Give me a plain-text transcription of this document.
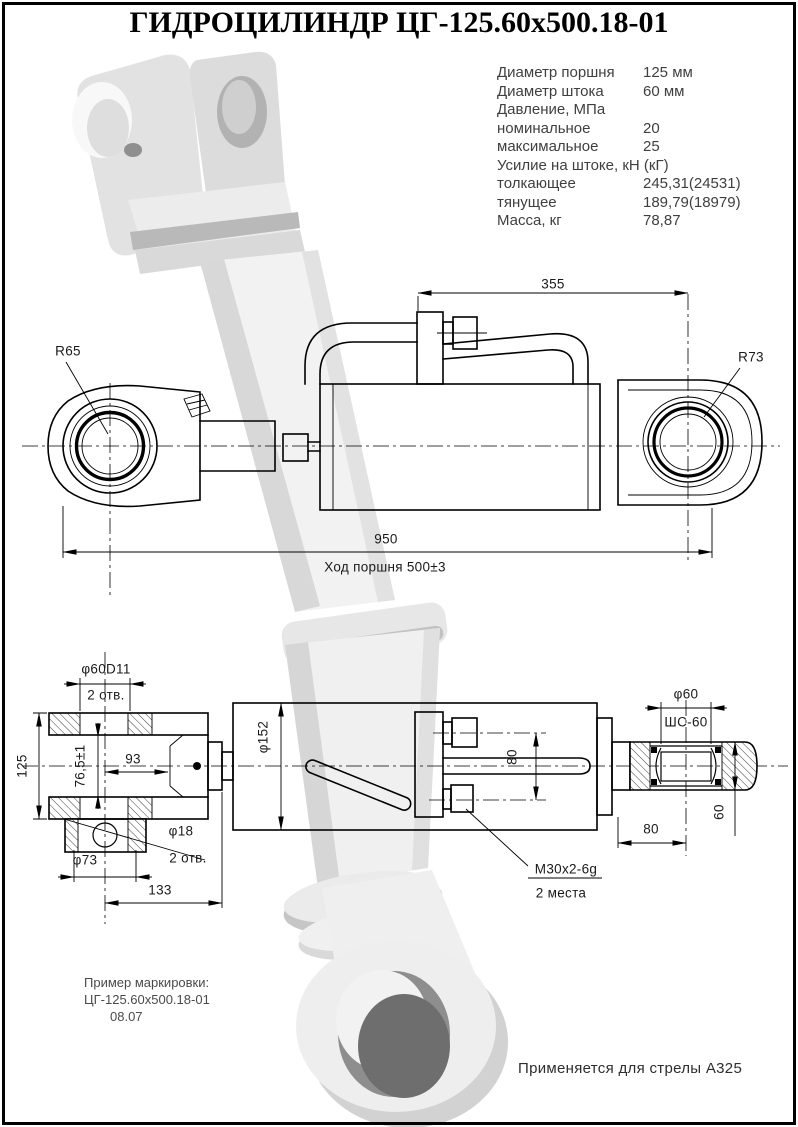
ГИДРОЦИЛИНДР ЦГ-125.60х500.18-01
355
R65	R73
950
Ход поршня 500±3
φ60D11
2 отв.
125	76,5±1	93
φ18
2 отв.
φ73
133
φ152
80
M30x2-6g
2 места
φ60
ШС-60
80
60
Диаметр поршня	125 мм
Диаметр штока	60 мм
Давление, МПа
номинальное	20
максимальное	25
Усилие на штоке, кН (кГ)
толкающее	245,31(24531)
тянущее	189,79(18979)
Масса, кг	78,87
Пример маркировки:
ЦГ-125.60х500.18-01
08.07
Применяется для стрелы А325
